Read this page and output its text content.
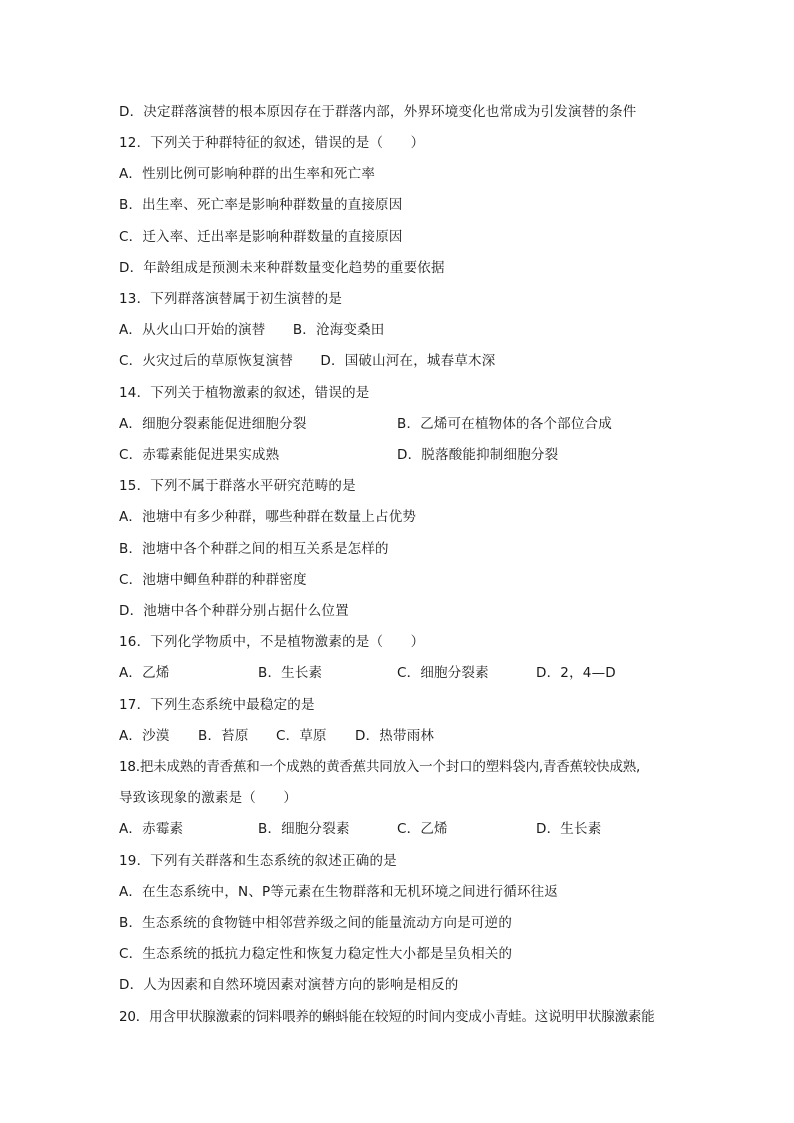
D．决定群落演替的根本原因存在于群落内部，外界环境变化也常成为引发演替的条件
12．下列关于种群特征的叙述，错误的是（　　）
A．性别比例可影响种群的出生率和死亡率
B．出生率、死亡率是影响种群数量的直接原因
C．迁入率、迁出率是影响种群数量的直接原因
D．年龄组成是预测未来种群数量变化趋势的重要依据
13．下列群落演替属于初生演替的是
A．从火山口开始的演替　　B．沧海变桑田
C．火灾过后的草原恢复演替　　D．国破山河在，城春草木深
14．下列关于植物激素的叙述，错误的是
A．细胞分裂素能促进细胞分裂	B．乙烯可在植物体的各个部位合成
C．赤霉素能促进果实成熟	D．脱落酸能抑制细胞分裂
15．下列不属于群落水平研究范畴的是
A．池塘中有多少种群，哪些种群在数量上占优势
B．池塘中各个种群之间的相互关系是怎样的
C．池塘中鲫鱼种群的种群密度
D．池塘中各个种群分别占据什么位置
16．下列化学物质中，不是植物激素的是（　　）
A．乙烯	B．生长素	C．细胞分裂素	D．2，4—D
17．下列生态系统中最稳定的是
A．沙漠 B．苔原 C．草原 D．热带雨林
18.把未成熟的青香蕉和一个成熟的黄香蕉共同放入一个封口的塑料袋内,青香蕉较快成熟,
导致该现象的激素是（　　）
A．赤霉素	B．细胞分裂素	C．乙烯	D．生长素
19．下列有关群落和生态系统的叙述正确的是
A．在生态系统中，N、P等元素在生物群落和无机环境之间进行循环往返
B．生态系统的食物链中相邻营养级之间的能量流动方向是可逆的
C．生态系统的抵抗力稳定性和恢复力稳定性大小都是呈负相关的
D．人为因素和自然环境因素对演替方向的影响是相反的
20．用含甲状腺激素的饲料喂养的蝌蚪能在较短的时间内变成小青蛙。这说明甲状腺激素能
